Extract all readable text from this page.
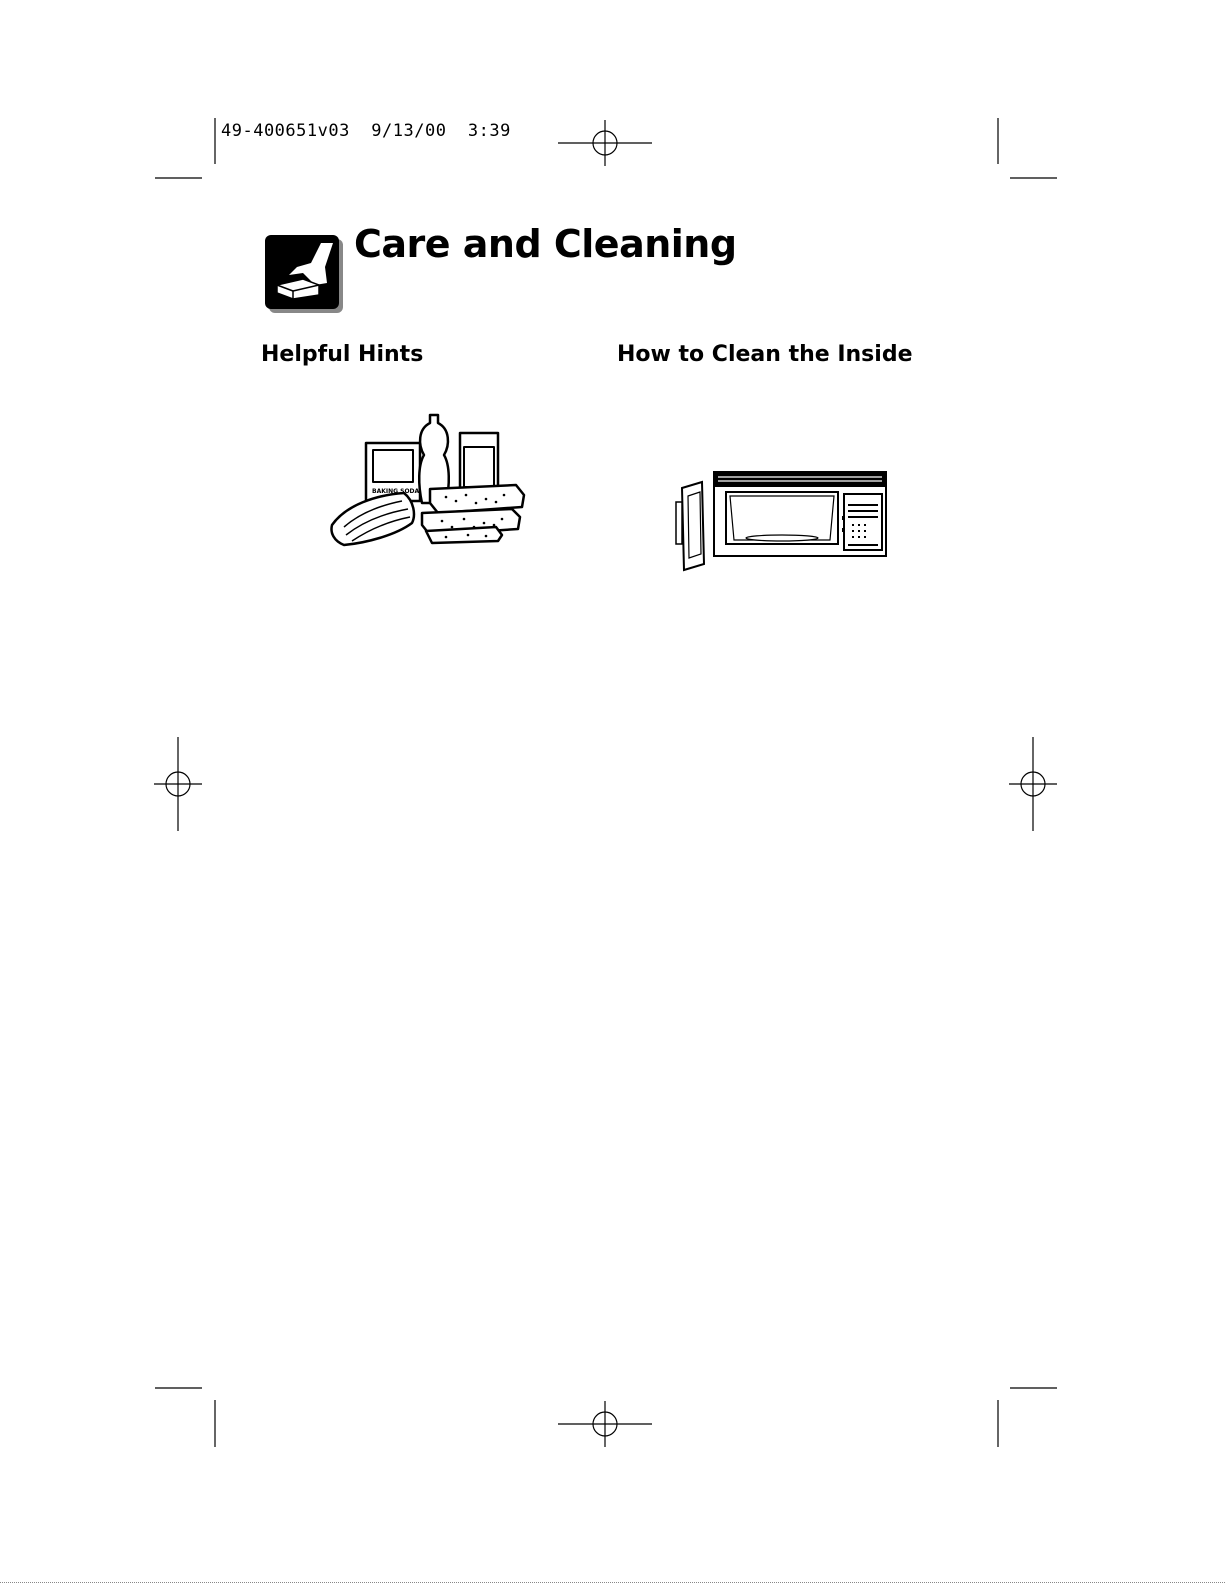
49-400651v03  9/13/00  3:39
Care and Cleaning
Helpful Hints	How to Clean the Inside
BAKING SODA
